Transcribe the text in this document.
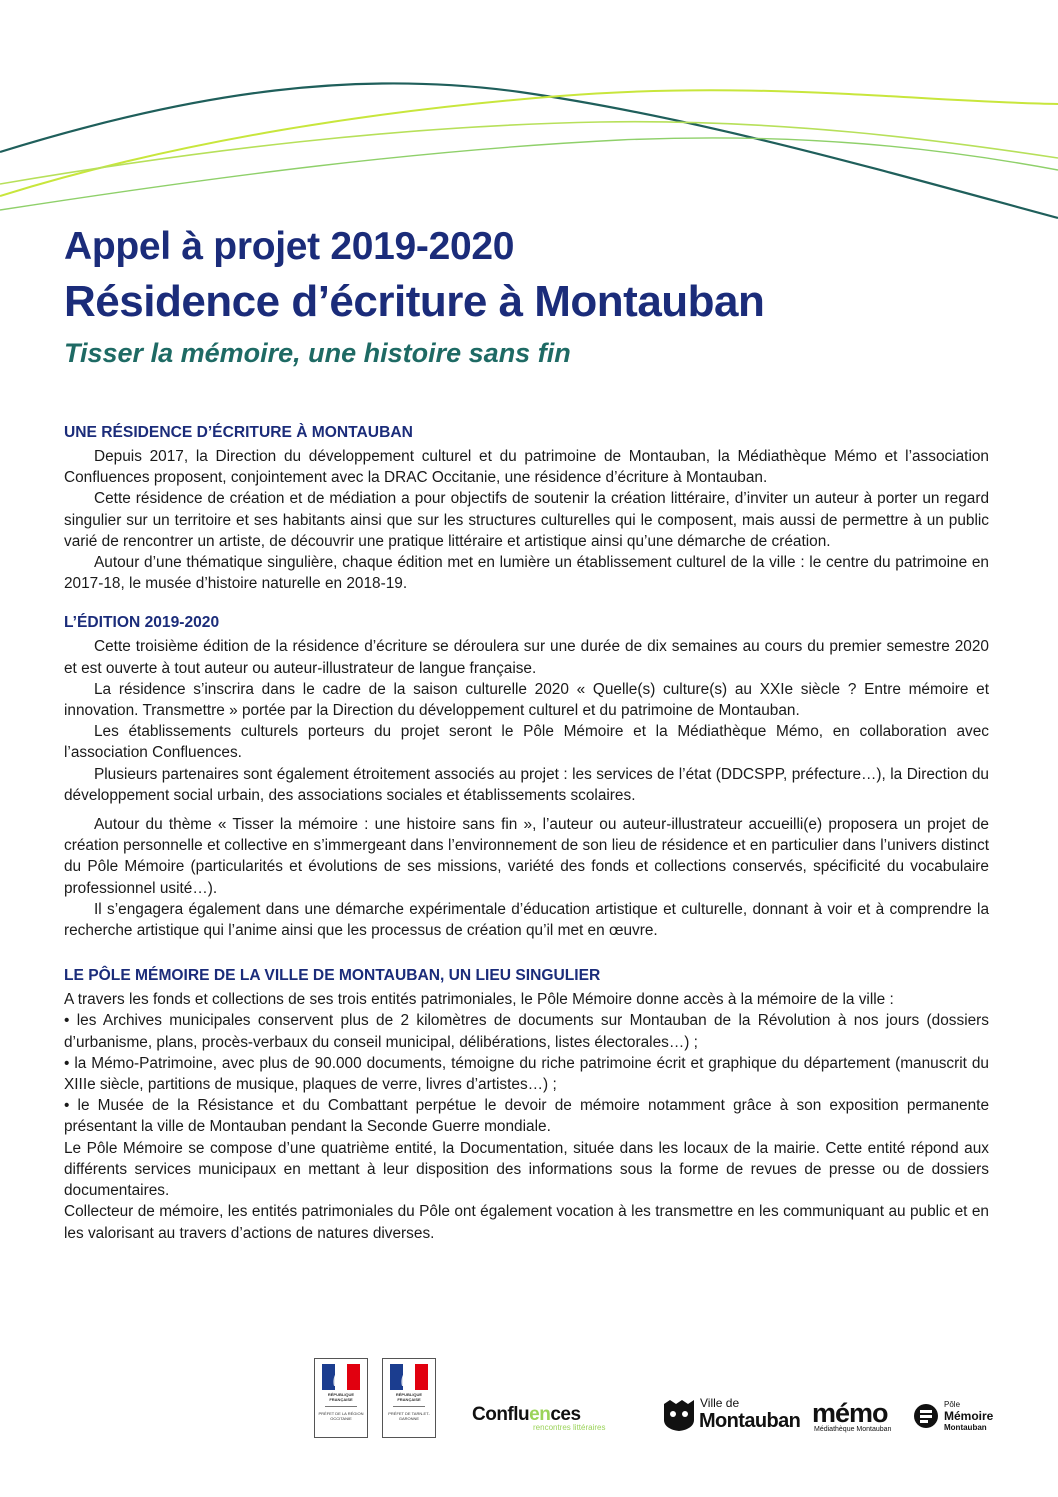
Appel à projet 2019-2020
Résidence d’écriture à Montauban
Tisser la mémoire, une histoire sans fin
UNE RÉSIDENCE D’ÉCRITURE À MONTAUBAN

Depuis 2017, la Direction du développement culturel et du patrimoine de Montauban, la Médiathèque Mémo et l’association Confluences proposent, conjointement avec la DRAC Occitanie, une résidence d’écriture à Montauban.

Cette résidence de création et de médiation a pour objectifs de soutenir la création littéraire, d’inviter un auteur à porter un regard singulier sur un territoire et ses habitants ainsi que sur les structures culturelles qui le composent, mais aussi de permettre à un public varié de rencontrer un artiste, de découvrir une pratique littéraire et artistique ainsi qu’une démarche de création.

Autour d’une thématique singulière, chaque édition met en lumière un établissement culturel de la ville : le centre du patrimoine en 2017-18, le musée d’histoire naturelle en 2018-19.

L’ÉDITION 2019-2020

Cette troisième édition de la résidence d’écriture se déroulera sur une durée de dix semaines au cours du premier semestre 2020 et est ouverte à tout auteur ou auteur-illustrateur de langue française.

La résidence s’inscrira dans le cadre de la saison culturelle 2020 « Quelle(s) culture(s) au XXIe siècle ? Entre mémoire et innovation. Transmettre » portée par la Direction du développement culturel et du patrimoine de Montauban.

Les établissements culturels porteurs du projet seront le Pôle Mémoire et la Médiathèque Mémo, en collaboration avec l’association Confluences.

Plusieurs partenaires sont également étroitement associés au projet : les services de l’état (DDCSPP, préfecture…), la Direction du développement social urbain, des associations sociales et établissements scolaires.

Autour du thème « Tisser la mémoire : une histoire sans fin », l’auteur ou auteur-illustrateur accueilli(e) proposera un projet de création personnelle et collective en s’immergeant dans l’environnement de son lieu de résidence et en particulier dans l’univers distinct du Pôle Mémoire (particularités et évolutions de ses missions, variété des fonds et collections conservés, spécificité du vocabulaire professionnel usité…).

Il s’engagera également dans une démarche expérimentale d’éducation artistique et culturelle, donnant à voir et à comprendre la recherche artistique qui l’anime ainsi que les processus de création qu’il met en œuvre.

LE PÔLE MÉMOIRE DE LA VILLE DE MONTAUBAN, UN LIEU SINGULIER

A travers les fonds et collections de ses trois entités patrimoniales, le Pôle Mémoire donne accès à la mémoire de la ville :

• les Archives municipales conservent plus de 2 kilomètres de documents sur Montauban de la Révolution à nos jours (dossiers d’urbanisme, plans, procès-verbaux du conseil municipal, délibérations, listes électorales…) ;

• la Mémo-Patrimoine, avec plus de 90.000 documents, témoigne du riche patrimoine écrit et graphique du département (manuscrit du XIIIe siècle, partitions de musique, plaques de verre, livres d’artistes…) ;

• le Musée de la Résistance et du Combattant perpétue le devoir de mémoire notamment grâce à son exposition permanente présentant la ville de Montauban pendant la Seconde Guerre mondiale.

Le Pôle Mémoire se compose d’une quatrième entité, la Documentation, située dans les locaux de la mairie. Cette entité répond aux différents services municipaux en mettant à leur disposition des informations sous la forme de revues de presse ou de dossiers documentaires.

Collecteur de mémoire, les entités patrimoniales du Pôle ont également vocation à les transmettre en les communiquant au public et en les valorisant au travers d’actions de natures diverses.

RÉPUBLIQUE FRANÇAISE
PRÉFET DE LA RÉGION OCCITANIE
RÉPUBLIQUE FRANÇAISE
PRÉFET DE TARN-ET-GARONNE	Confluences
rencontres littéraires
Ville de
Montauban mémo
Médiathèque Montauban
Pôle
Mémoire
Montauban
